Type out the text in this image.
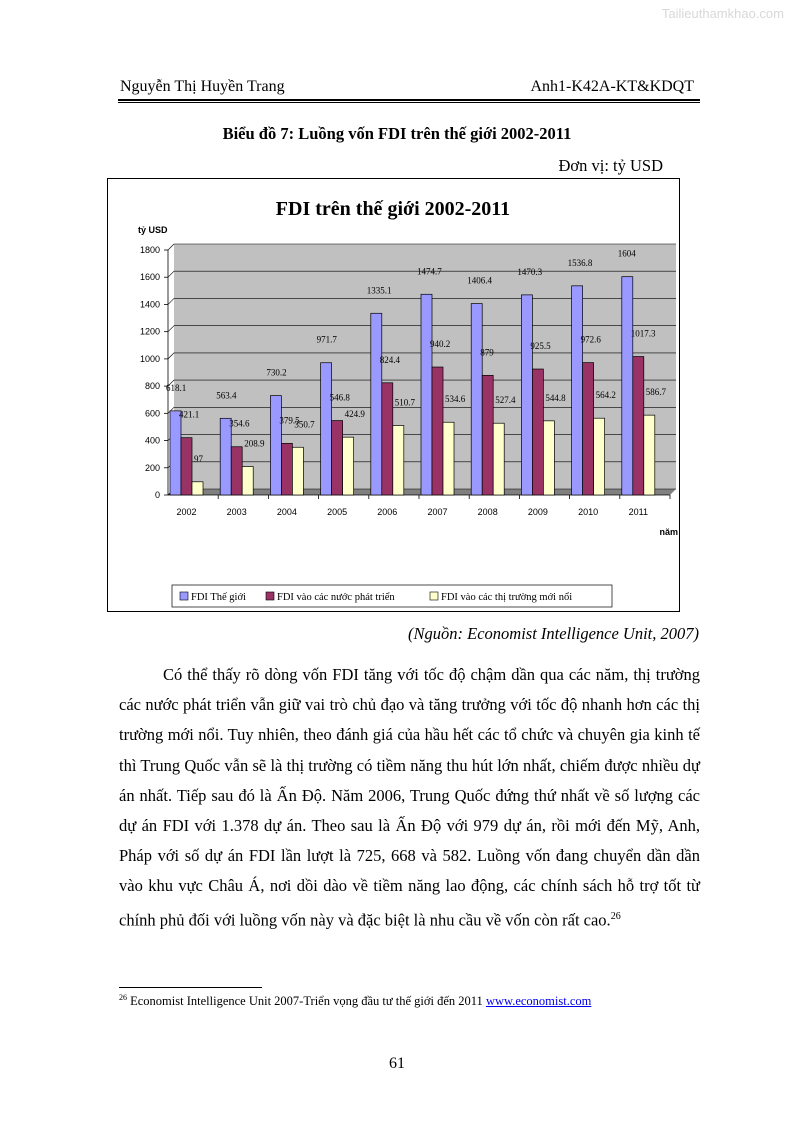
Tailieuthamkhao.com
Nguyễn Thị Huyền Trang	Anh1-K42A-KT&KDQT
Biểu đồ 7: Luồng vốn FDI trên thế giới 2002-2011
Đơn vị: tỷ USD
FDI trên thế giới 2002-2011
tỷ USD
0
200
400
600
800
1000
1200
1400
1600
1800
618.1
421.1
97
2002
563.4
354.6
208.9
2003
730.2
379.5
350.7
2004
971.7
546.8
424.9
2005
1335.1
824.4
510.7
2006
1474.7
940.2
534.6
2007
1406.4
879
527.4
2008
1470.3
925.5
544.8
2009
1536.8
972.6
564.2
2010
1604
1017.3
586.7
2011
năm
FDI Thế giới	FDI vào các nước phát triển	FDI vào các thị trường mới nổi
(Nguồn: Economist Intelligence Unit, 2007)

Có thể thấy rõ dòng vốn FDI tăng với tốc độ chậm dần qua các năm, thị trường các nước phát triển vẫn giữ vai trò chủ đạo và tăng trưởng với tốc độ nhanh hơn các thị trường mới nổi. Tuy nhiên, theo đánh giá của hầu hết các tổ chức và chuyên gia kinh tế thì Trung Quốc vẫn sẽ là thị trường có tiềm năng thu hút lớn nhất, chiếm được nhiều dự án nhất. Tiếp sau đó là Ấn Độ. Năm 2006, Trung Quốc đứng thứ nhất về số lượng các dự án FDI với 1.378 dự án. Theo sau là Ấn Độ với 979 dự án, rồi mới đến Mỹ, Anh, Pháp với số dự án FDI lần lượt là 725, 668 và 582. Luồng vốn đang chuyển dần dần vào khu vực Châu Á, nơi dồi dào về tiềm năng lao động, các chính sách hỗ trợ tốt từ chính phủ đối với luồng vốn này và đặc biệt là nhu cầu về vốn còn rất cao.$^{26}$

$^{26}$ Economist Intelligence Unit 2007-Triển vọng đầu tư thế giới đến 2011 www.economist.com
61
